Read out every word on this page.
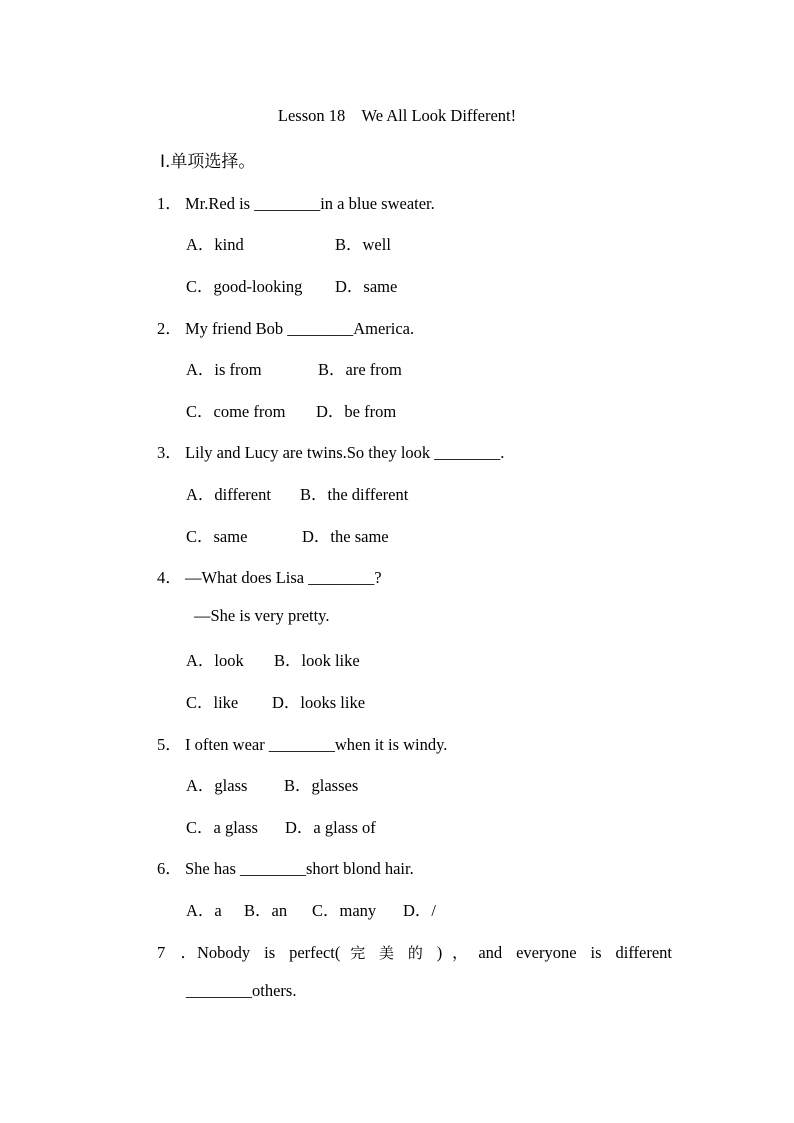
Lesson 18    We All Look Different!
Ⅰ.单项选择。
1． Mr.Red is ________in a blue sweater.
A．kind	B．well
C．good-looking D．same
2． My friend Bob ________America.
A．is from	B．are from
C．come from D．be from
3． Lily and Lucy are twins.So they look ________.
A．different B．the different
C．same	D．the same
4． —What does Lisa ________?
—She is very pretty.
A．look B．look like
C．like D．looks like
5． I often wear ________when it is windy.
A．glass B．glasses
C．a glass D．a glass of
6． She has ________short blond hair.
A．a B．an C．many D．/
7．Nobody is perfect(完美的)，and everyone is different
________others.
